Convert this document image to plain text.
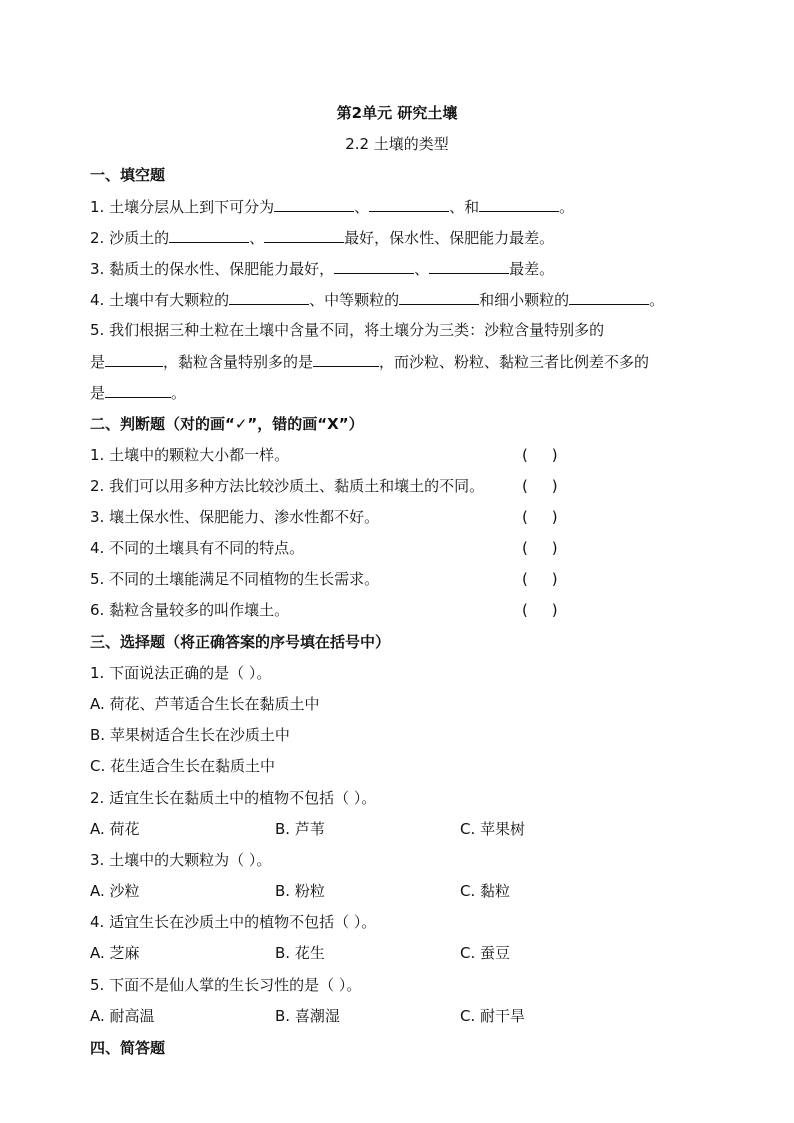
第2单元 研究土壤
2.2 土壤的类型
一、填空题
1. 土壤分层从上到下可分为	、	、和	。
2. 沙质土的	、	最好，保水性、保肥能力最差。
3. 黏质土的保水性、保肥能力最好，	、	最差。
4. 土壤中有大颗粒的	、中等颗粒的	和细小颗粒的	。
5. 我们根据三种土粒在土壤中含量不同，将土壤分为三类：沙粒含量特别多的
是	，黏粒含量特别多的是	，而沙粒、粉粒、黏粒三者比例差不多的
是	。
二、判断题（对的画“✓”，错的画“X”）
1. 土壤中的颗粒大小都一样。	(     )
2. 我们可以用多种方法比较沙质土、黏质土和壤土的不同。	(     )
3. 壤土保水性、保肥能力、渗水性都不好。	(     )
4. 不同的土壤具有不同的特点。	(     )
5. 不同的土壤能满足不同植物的生长需求。	(     )
6. 黏粒含量较多的叫作壤土。	(     )
三、选择题（将正确答案的序号填在括号中）
1. 下面说法正确的是（ ）。
A. 荷花、芦苇适合生长在黏质土中
B. 苹果树适合生长在沙质土中
C. 花生适合生长在黏质土中
2. 适宜生长在黏质土中的植物不包括（ ）。
A. 荷花	B. 芦苇	C. 苹果树
3. 土壤中的大颗粒为（ ）。
A. 沙粒	B. 粉粒	C. 黏粒
4. 适宜生长在沙质土中的植物不包括（ ）。
A. 芝麻	B. 花生	C. 蚕豆
5. 下面不是仙人掌的生长习性的是（ ）。
A. 耐高温	B. 喜潮湿	C. 耐干旱
四、简答题
